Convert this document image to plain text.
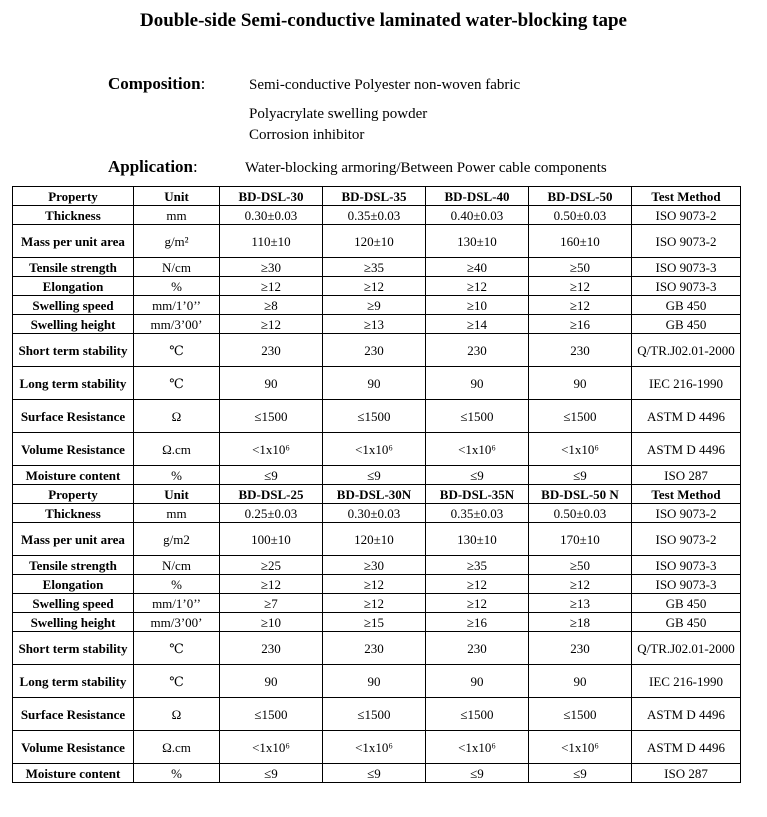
Double-side Semi-conductive laminated water-blocking tape
Composition:	Semi-conductive Polyester non-woven fabric
Polyacrylate swelling powder
Corrosion inhibitor
Application:	Water-blocking armoring/Between Power cable components
Property	Unit	BD-DSL-30	BD-DSL-35	BD-DSL-40	BD-DSL-50	Test Method
Thickness	mm	0.30±0.03	0.35±0.03	0.40±0.03	0.50±0.03	ISO 9073-2
Mass per unit area	g/m²	110±10	120±10	130±10	160±10	ISO 9073-2
Tensile strength	N/cm	≥30	≥35	≥40	≥50	ISO 9073-3
Elongation	%	≥12	≥12	≥12	≥12	ISO 9073-3
Swelling speed	mm/1’0’’	≥8	≥9	≥10	≥12	GB 450
Swelling height	mm/3’00’	≥12	≥13	≥14	≥16	GB 450
Short term stability	℃	230	230	230	230	Q/TR.J02.01-2000
Long term stability	℃	90	90	90	90	IEC 216-1990
Surface Resistance	Ω	≤1500	≤1500	≤1500	≤1500	ASTM D 4496
Volume Resistance	Ω.cm	<1x10⁶	<1x10⁶	<1x10⁶	<1x10⁶	ASTM D 4496
Moisture content	%	≤9	≤9	≤9	≤9	ISO 287
Property	Unit	BD-DSL-25	BD-DSL-30N	BD-DSL-35N	BD-DSL-50 N	Test Method
Thickness	mm	0.25±0.03	0.30±0.03	0.35±0.03	0.50±0.03	ISO 9073-2
Mass per unit area	g/m2	100±10	120±10	130±10	170±10	ISO 9073-2
Tensile strength	N/cm	≥25	≥30	≥35	≥50	ISO 9073-3
Elongation	%	≥12	≥12	≥12	≥12	ISO 9073-3
Swelling speed	mm/1’0’’	≥7	≥12	≥12	≥13	GB 450
Swelling height	mm/3’00’	≥10	≥15	≥16	≥18	GB 450
Short term stability	℃	230	230	230	230	Q/TR.J02.01-2000
Long term stability	℃	90	90	90	90	IEC 216-1990
Surface Resistance	Ω	≤1500	≤1500	≤1500	≤1500	ASTM D 4496
Volume Resistance	Ω.cm	<1x10⁶	<1x10⁶	<1x10⁶	<1x10⁶	ASTM D 4496
Moisture content	%	≤9	≤9	≤9	≤9	ISO 287
